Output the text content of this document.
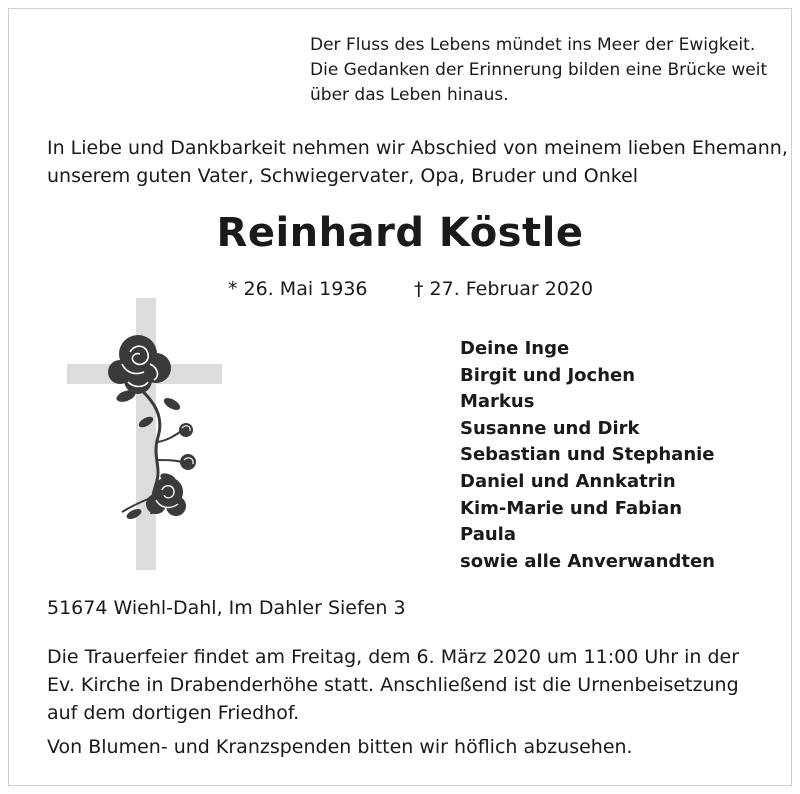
Der Fluss des Lebens mündet ins Meer der Ewigkeit.
Die Gedanken der Erinnerung bilden eine Brücke weit
über das Leben hinaus.
In Liebe und Dankbarkeit nehmen wir Abschied von meinem lieben Ehemann,
unserem guten Vater, Schwiegervater, Opa, Bruder und Onkel
Reinhard Köstle
* 26. Mai 1936 † 27. Februar 2020
Deine Inge
Birgit und Jochen
Markus
Susanne und Dirk
Sebastian und Stephanie
Daniel und Annkatrin
Kim-Marie und Fabian
Paula
sowie alle Anverwandten
51674 Wiehl-Dahl, Im Dahler Siefen 3
Die Trauerfeier findet am Freitag, dem 6. März 2020 um 11:00 Uhr in der
Ev. Kirche in Drabenderhöhe statt. Anschließend ist die Urnenbeisetzung
auf dem dortigen Friedhof.
Von Blumen- und Kranzspenden bitten wir höflich abzusehen.
